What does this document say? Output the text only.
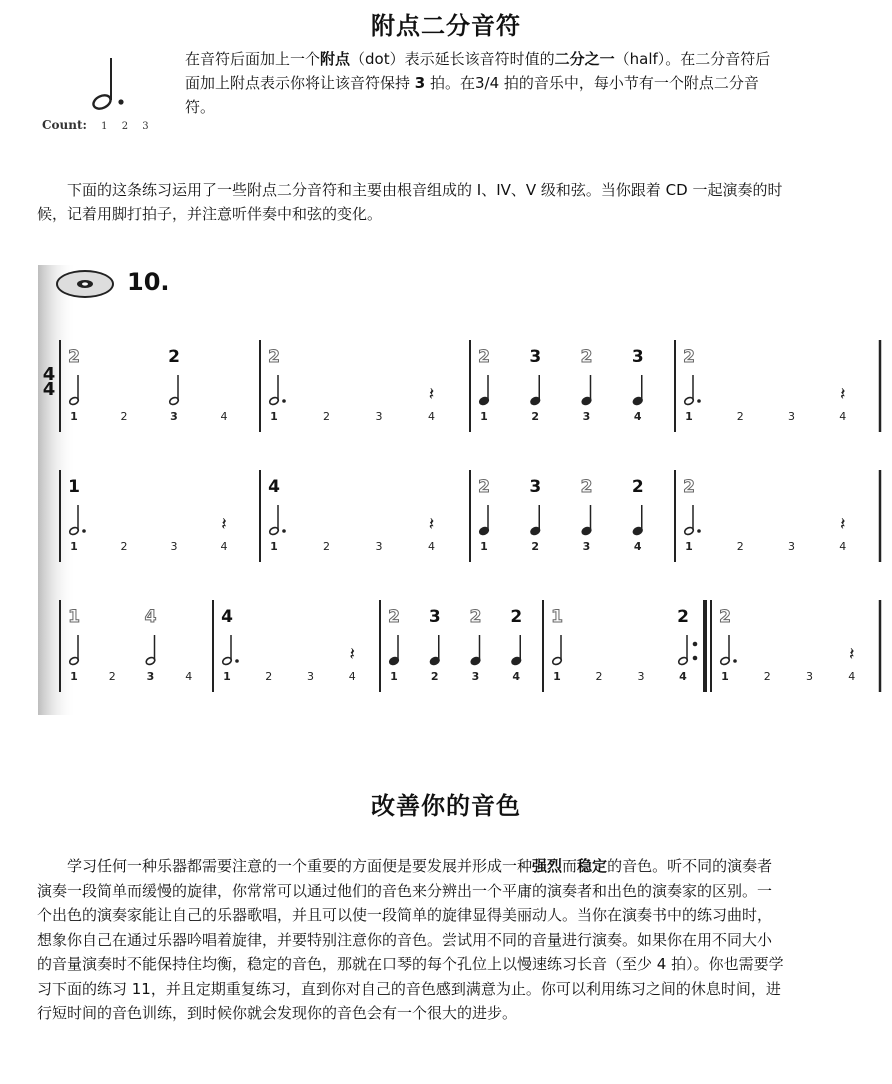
附点二分音符
Count: 1 2 3
在音符后面加上一个附点（dot）表示延长该音符时值的二分之一（half）。在二分音符后面加上附点表示你将让该音符保持 3 拍。在3/4 拍的音乐中，每小节有一个附点二分音符。
下面的这条练习运用了一些附点二分音符和主要由根音组成的 I、IV、V 级和弦。当你跟着 CD 一起演奏的时候，记着用脚打拍子，并注意听伴奏中和弦的变化。
4
4
1
2
2	3
2
4	1
2
2	3	4
𝄽
1
2
2
3
3
2
4
3
1
2
2	3	4
𝄽
1
1
2	3	4
𝄽
1
4
2	3	4
𝄽
1
2
2
3
3
2
4
2
1
2
2	3	4
𝄽
1
1
2	3
4
4	1
4
2	3	4
𝄽
1
2
2
3
3
2
4
2
1
1
2	3	4
2
1
2
2	3	4
𝄽
10.
改善你的音色
学习任何一种乐器都需要注意的一个重要的方面便是要发展并形成一种强烈而稳定的音色。听不同的演奏者演奏一段简单而缓慢的旋律，你常常可以通过他们的音色来分辨出一个平庸的演奏者和出色的演奏家的区别。一个出色的演奏家能让自己的乐器歌唱，并且可以使一段简单的旋律显得美丽动人。当你在演奏书中的练习曲时，想象你自己在通过乐器吟唱着旋律，并要特别注意你的音色。尝试用不同的音量进行演奏。如果你在用不同大小的音量演奏时不能保持住均衡，稳定的音色，那就在口琴的每个孔位上以慢速练习长音（至少 4 拍）。你也需要学习下面的练习 11，并且定期重复练习，直到你对自己的音色感到满意为止。你可以利用练习之间的休息时间，进行短时间的音色训练，到时候你就会发现你的音色会有一个很大的进步。
